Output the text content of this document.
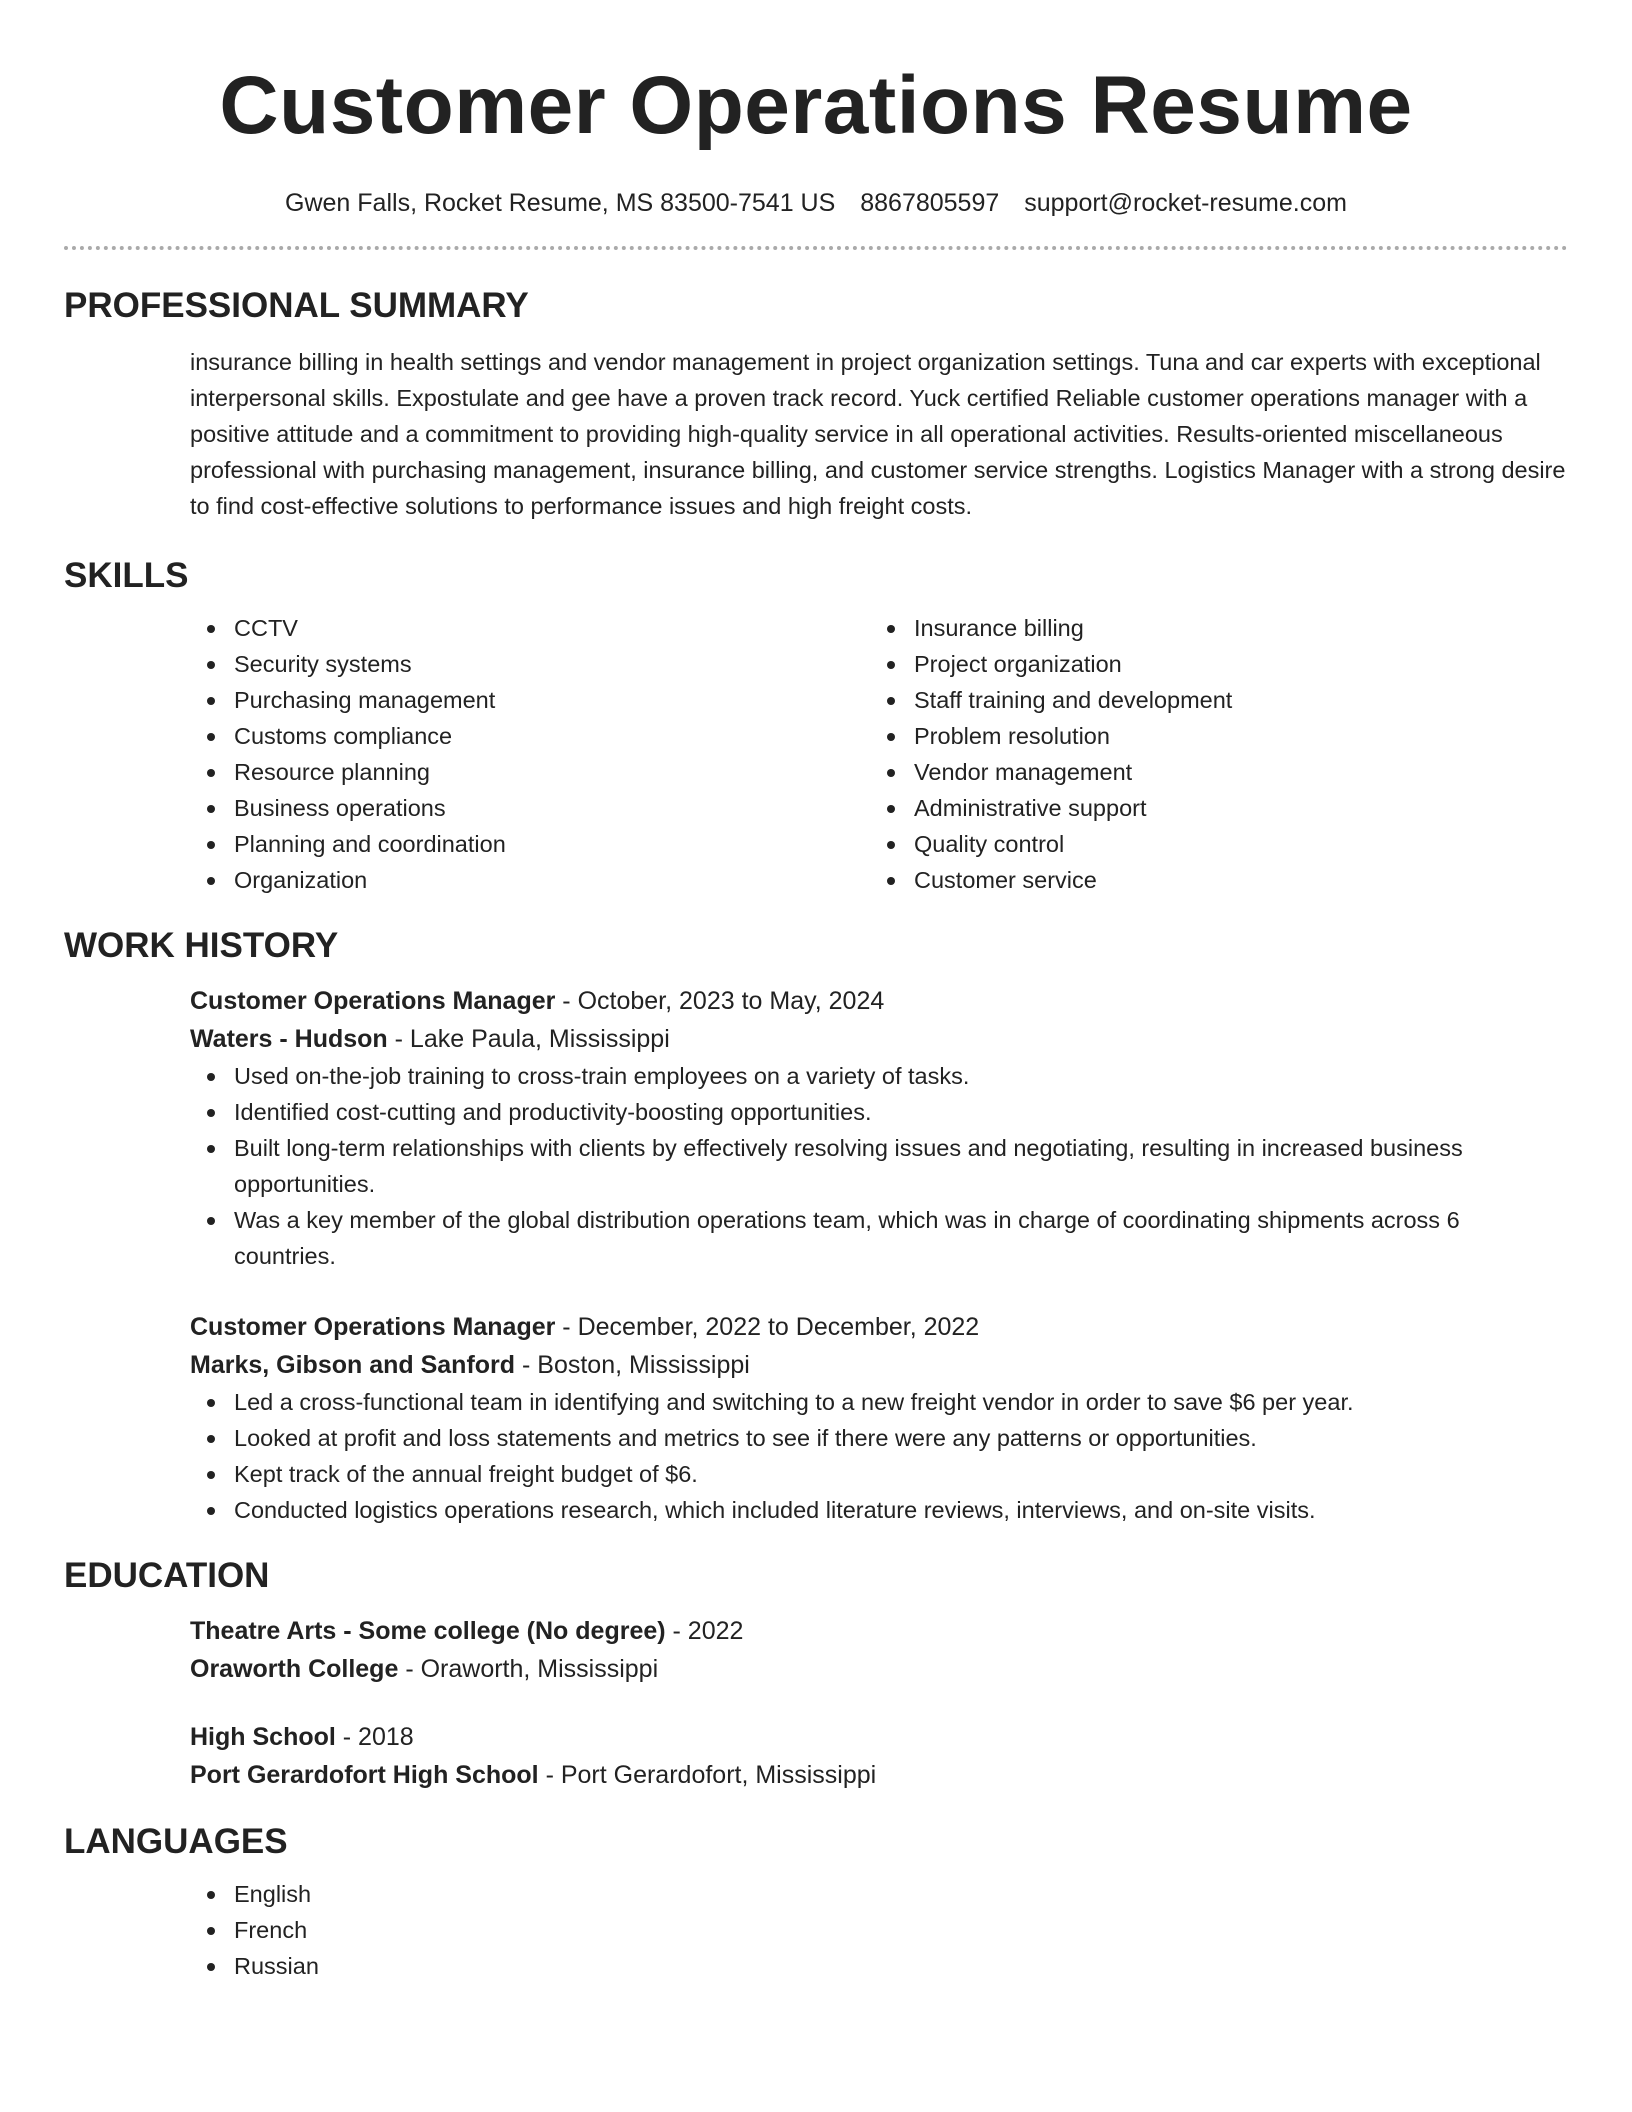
Customer Operations Resume
Gwen Falls, Rocket Resume, MS 83500-7541 US 8867805597 support@rocket-resume.com
PROFESSIONAL SUMMARY
insurance billing in health settings and vendor management in project organization settings. Tuna and car experts with exceptional interpersonal skills. Expostulate and gee have a proven track record. Yuck certified Reliable customer operations manager with a positive attitude and a commitment to providing high-quality service in all operational activities. Results-oriented miscellaneous professional with purchasing management, insurance billing, and customer service strengths. Logistics Manager with a strong desire to find cost-effective solutions to performance issues and high freight costs.
SKILLS
CCTV
Security systems
Purchasing management
Customs compliance
Resource planning
Business operations
Planning and coordination
Organization
Insurance billing
Project organization
Staff training and development
Problem resolution
Vendor management
Administrative support
Quality control
Customer service
WORK HISTORY
Customer Operations Manager - October, 2023 to May, 2024
Waters - Hudson - Lake Paula, Mississippi
Used on-the-job training to cross-train employees on a variety of tasks.
Identified cost-cutting and productivity-boosting opportunities.
Built long-term relationships with clients by effectively resolving issues and negotiating, resulting in increased business opportunities.
Was a key member of the global distribution operations team, which was in charge of coordinating shipments across 6 countries.
Customer Operations Manager - December, 2022 to December, 2022
Marks, Gibson and Sanford - Boston, Mississippi
Led a cross-functional team in identifying and switching to a new freight vendor in order to save $6 per year.
Looked at profit and loss statements and metrics to see if there were any patterns or opportunities.
Kept track of the annual freight budget of $6.
Conducted logistics operations research, which included literature reviews, interviews, and on-site visits.
EDUCATION
Theatre Arts - Some college (No degree) - 2022
Oraworth College - Oraworth, Mississippi
High School - 2018
Port Gerardofort High School - Port Gerardofort, Mississippi
LANGUAGES
English
French
Russian
